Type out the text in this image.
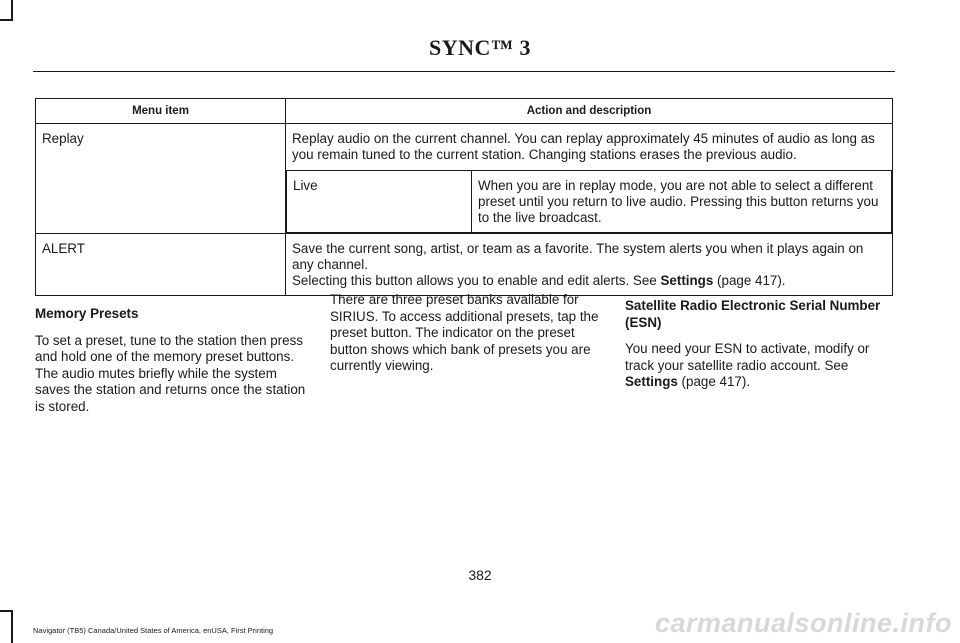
SYNC™ 3
Menu item	Action and description
Replay	Replay audio on the current channel. You can replay approximately 45 minutes of audio as long as you remain tuned to the current station. Changing stations erases the previous audio.
Live	When you are in replay mode, you are not able to select a different preset until you return to live audio. Pressing this button returns you to the live broadcast.

ALERT	Save the current song, artist, or team as a favorite. The system alerts you when it plays again on any channel.
Selecting this button allows you to enable and edit alerts. See Settings (page 417).
Memory Presets

To set a preset, tune to the station then press and hold one of the memory preset buttons. The audio mutes briefly while the system saves the station and returns once the station is stored.

There are three preset banks available for SIRIUS. To access additional presets, tap the preset button. The indicator on the preset button shows which bank of presets you are currently viewing.

Satellite Radio Electronic Serial Number (ESN)

You need your ESN to activate, modify or track your satellite radio account. See Settings (page 417).

382
Navigator (TB5) Canada/United States of America, enUSA, First Printing	carmanualsonline.info
